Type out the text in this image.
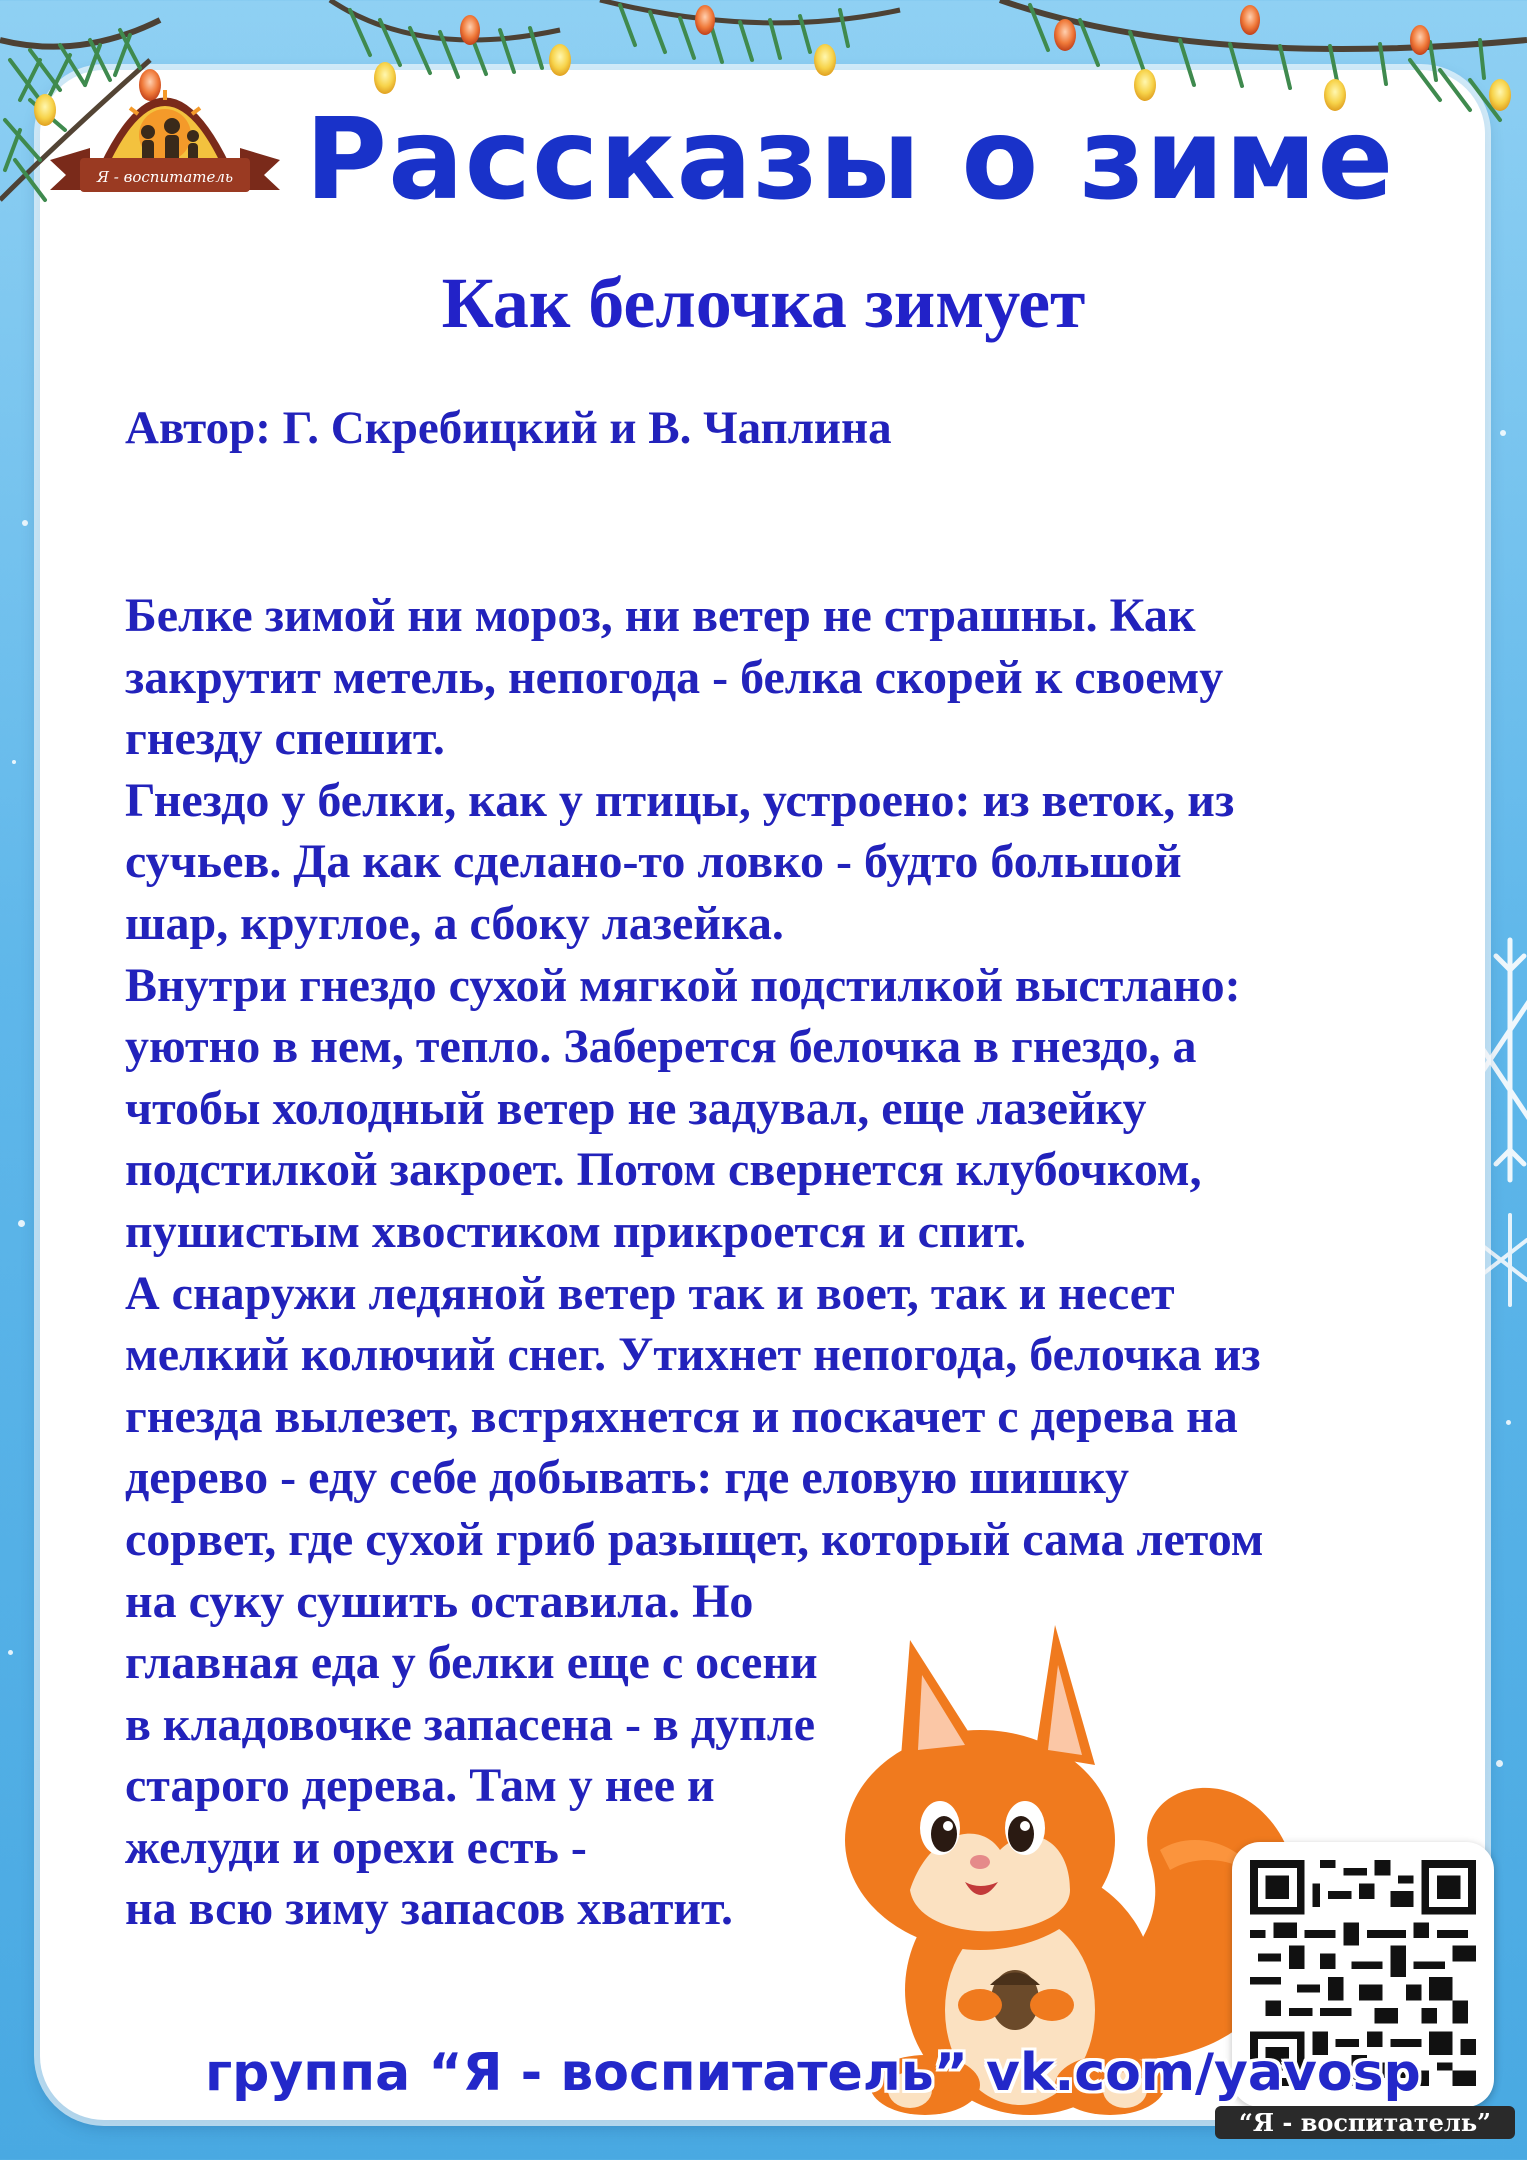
Я - воспитатель Рассказы о зиме
Как белочка зимует

Автор: Г. Скребицкий и В. Чаплина

Белке зимой ни мороз, ни ветер не страшны. Как

закрутит метель, непогода - белка скорей к своему

гнезду спешит.

Гнездо у белки, как у птицы, устроено: из веток, из

сучьев. Да как сделано-то ловко - будто большой

шар, круглое, а сбоку лазейка.

Внутри гнездо сухой мягкой подстилкой выстлано:

уютно в нем, тепло. Заберется белочка в гнездо, а

чтобы холодный ветер не задувал, еще лазейку

подстилкой закроет. Потом свернется клубочком,

пушистым хвостиком прикроется и спит.

А снаружи ледяной ветер так и воет, так и несет

мелкий колючий снег. Утихнет непогода, белочка из

гнезда вылезет, встряхнется и поскачет с дерева на

дерево - еду себе добывать: где еловую шишку

сорвет, где сухой гриб разыщет, который сама летом

на суку сушить оставила. Но

главная еда у белки еще с осени

в кладовочке запасена - в дупле

старого дерева. Там у нее и

желуди и орехи есть -

на всю зиму запасов хватит.

“Я - воспитатель”

группа “Я - воспитатель” vk.com/yavosp
